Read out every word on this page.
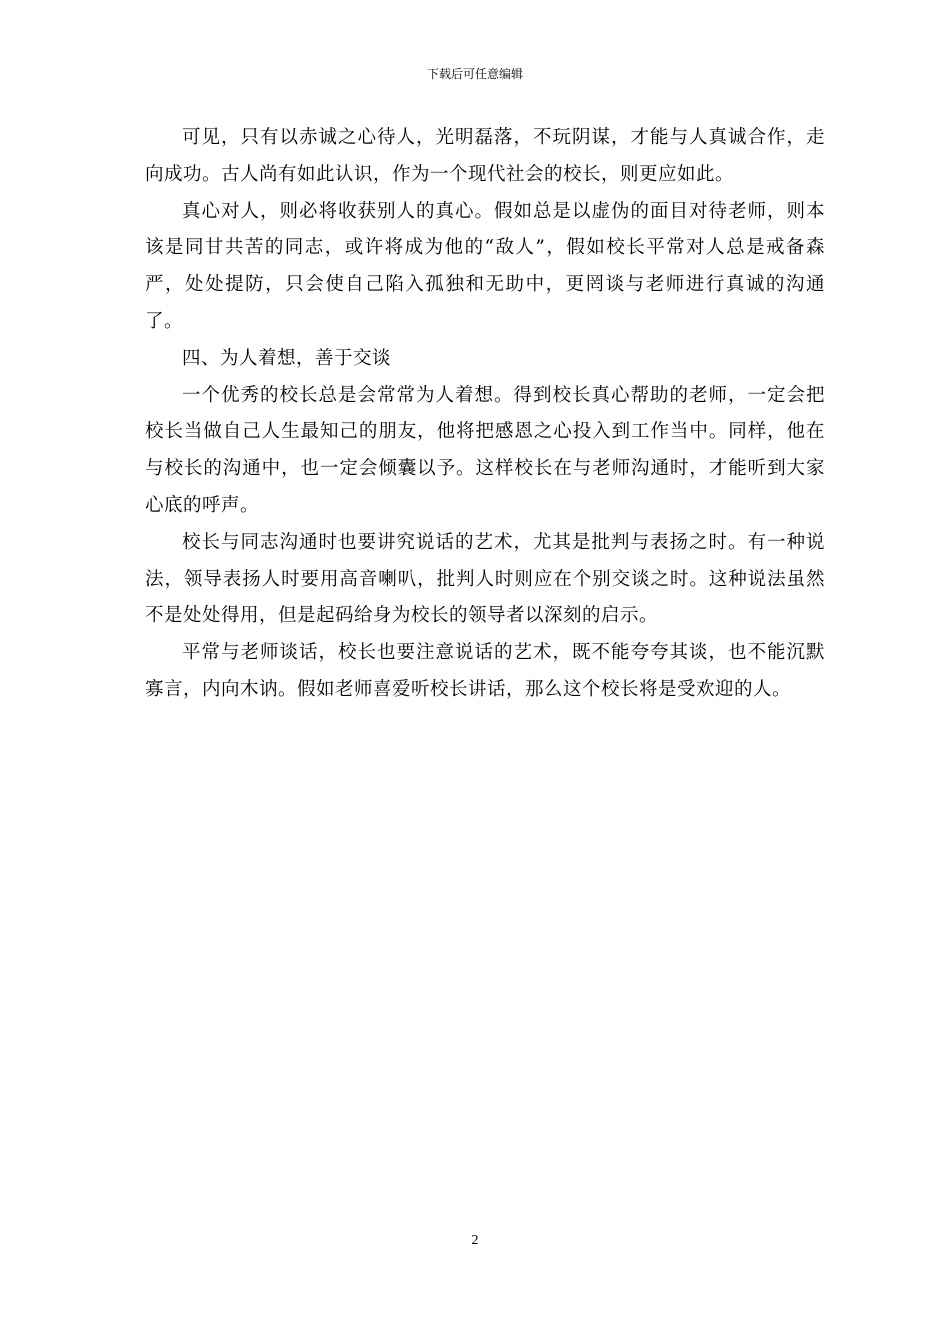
下载后可任意编辑

可见，只有以赤诚之心待人，光明磊落，不玩阴谋，才能与人真诚合作，走向成功。古人尚有如此认识，作为一个现代社会的校长，则更应如此。

真心对人，则必将收获别人的真心。假如总是以虚伪的面目对待老师，则本该是同甘共苦的同志，或许将成为他的“敌人”，假如校长平常对人总是戒备森严，处处提防，只会使自己陷入孤独和无助中，更罔谈与老师进行真诚的沟通了。

四、为人着想，善于交谈

一个优秀的校长总是会常常为人着想。得到校长真心帮助的老师，一定会把校长当做自己人生最知己的朋友，他将把感恩之心投入到工作当中。同样，他在与校长的沟通中，也一定会倾囊以予。这样校长在与老师沟通时，才能听到大家心底的呼声。

校长与同志沟通时也要讲究说话的艺术，尤其是批判与表扬之时。有一种说法，领导表扬人时要用高音喇叭，批判人时则应在个别交谈之时。这种说法虽然不是处处得用，但是起码给身为校长的领导者以深刻的启示。

平常与老师谈话，校长也要注意说话的艺术，既不能夸夸其谈，也不能沉默寡言，内向木讷。假如老师喜爱听校长讲话，那么这个校长将是受欢迎的人。

2
